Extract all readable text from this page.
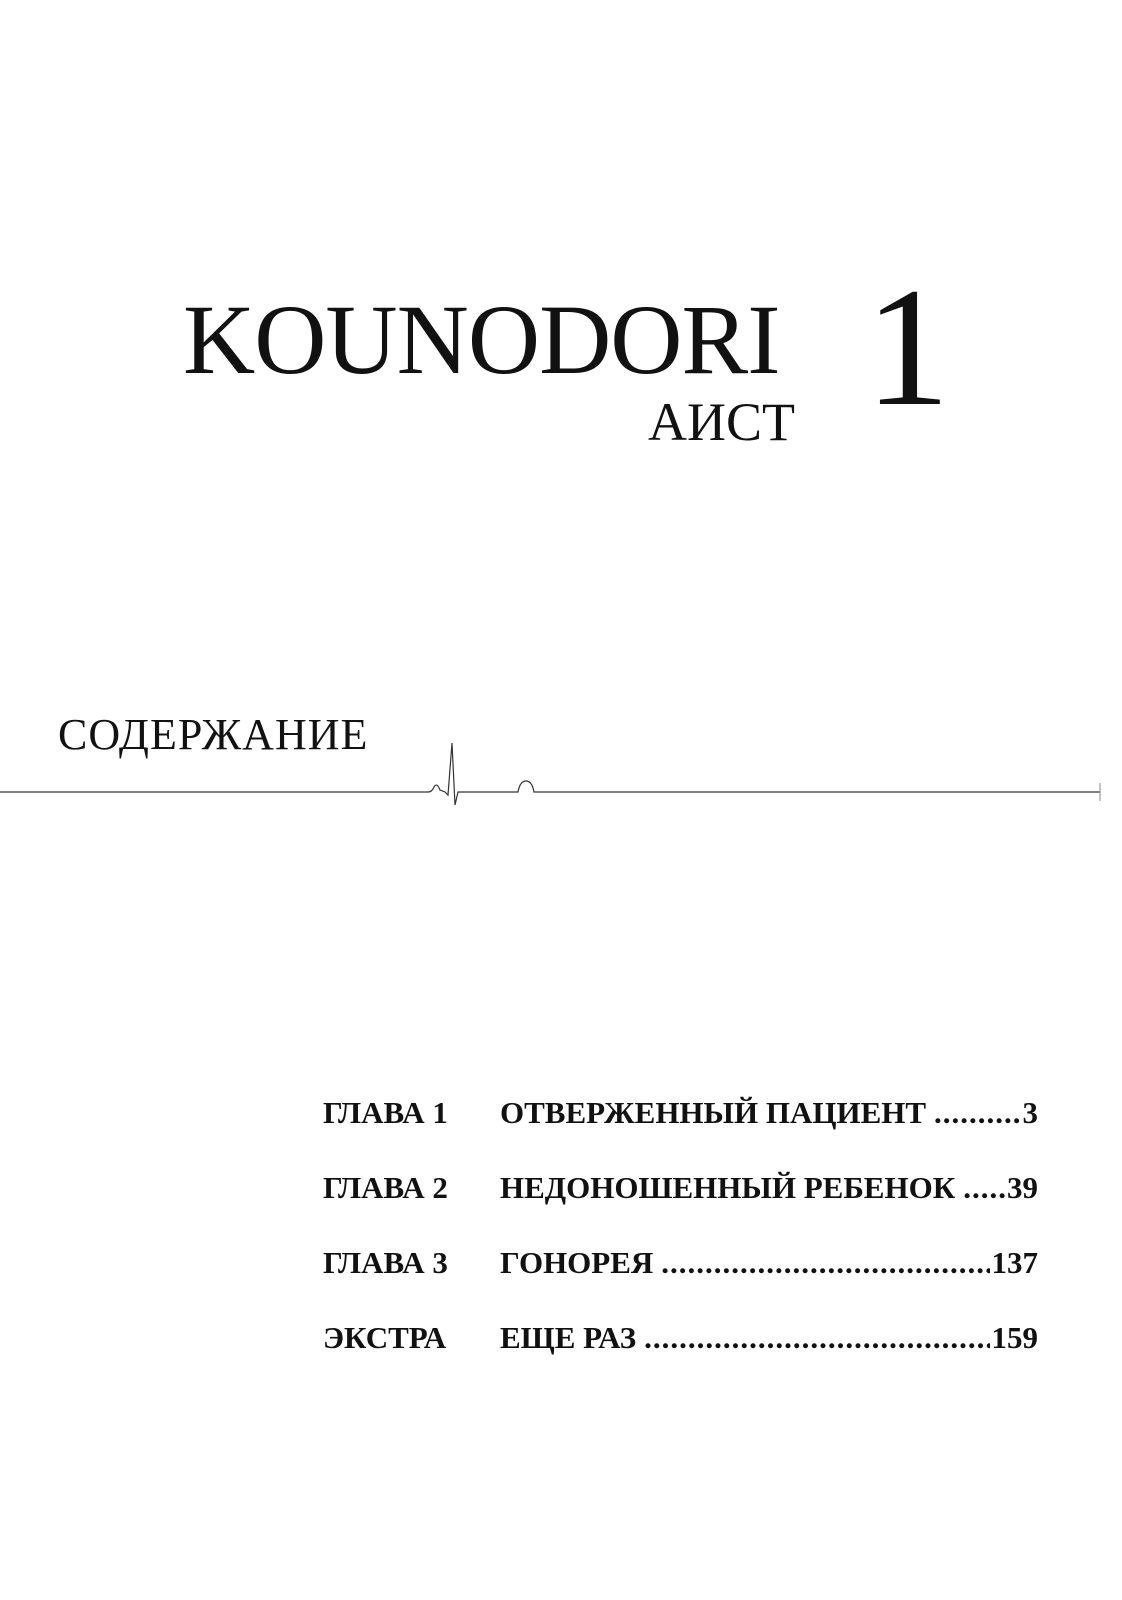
KOUNODORI 1
АИСТ
СОДЕРЖАНИЕ
ГЛАВА 1	ОТВЕРЖЕННЫЙ ПАЦИЕНТ .....	3
ГЛАВА 2	НЕДОНОШЕННЫЙ РЕБЕНОК ..... 39
ГЛАВА 3	ГОНОРЕЯ .....	137
ЭКСТРА	ЕЩЕ РАЗ .....	159
